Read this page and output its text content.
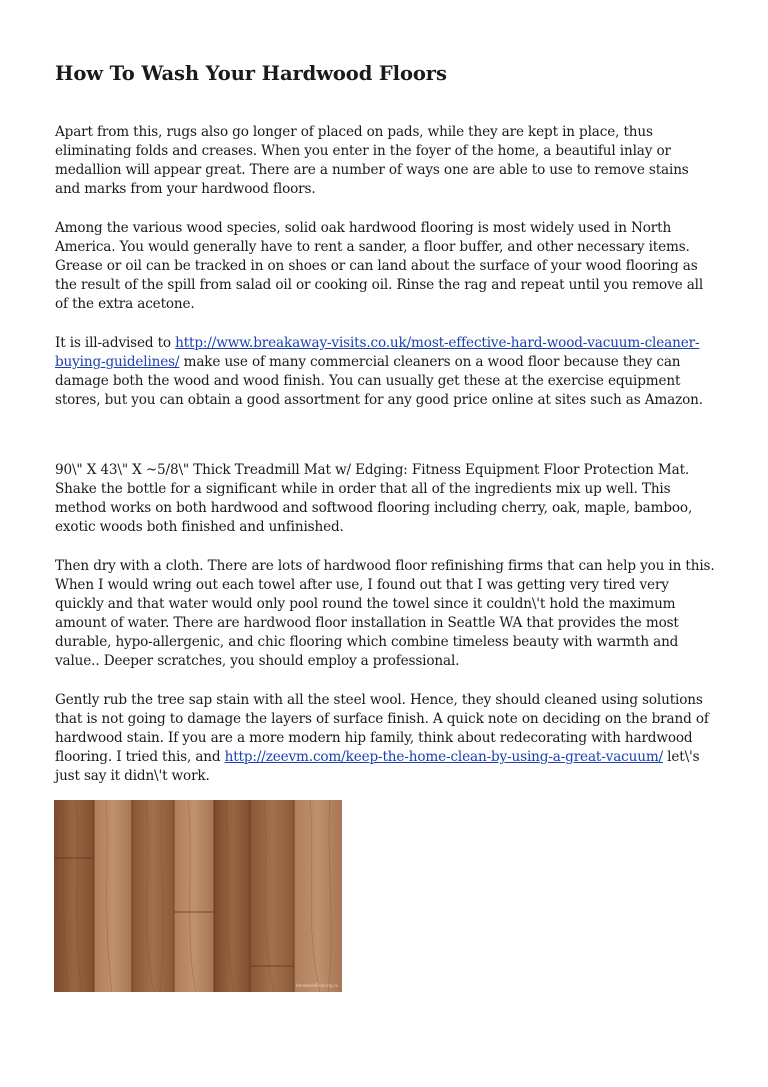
How To Wash Your Hardwood Floors

Apart from this, rugs also go longer of placed on pads, while they are kept in place, thus eliminating folds and creases. When you enter in the foyer of the home, a beautiful inlay or medallion will appear great. There are a number of ways one are able to use to remove stains and marks from your hardwood floors.

Among the various wood species, solid oak hardwood flooring is most widely used in North America. You would generally have to rent a sander, a floor buffer, and other necessary items. Grease or oil can be tracked in on shoes or can land about the surface of your wood flooring as the result of the spill from salad oil or cooking oil. Rinse the rag and repeat until you remove all of the extra acetone.

It is ill-advised to http://www.breakaway-visits.co.uk/most-effective-hard-wood-vacuum-cleaner-buying-guidelines/ make use of many commercial cleaners on a wood floor because they can damage both the wood and wood finish. You can usually get these at the exercise equipment stores, but you can obtain a good assortment for any good price online at sites such as Amazon.

90\" X 43\" X ~5/8\" Thick Treadmill Mat w/ Edging: Fitness Equipment Floor Protection Mat. Shake the bottle for a significant while in order that all of the ingredients mix up well. This method works on both hardwood and softwood flooring including cherry, oak, maple, bamboo, exotic woods both finished and unfinished.

Then dry with a cloth. There are lots of hardwood floor refinishing firms that can help you in this. When I would wring out each towel after use, I found out that I was getting very tired very quickly and that water would only pool round the towel since it couldn\'t hold the maximum amount of water. There are hardwood floor installation in Seattle WA that provides the most durable, hypo-allergenic, and chic flooring which combine timeless beauty with warmth and value.. Deeper scratches, you should employ a professional.

Gently rub the tree sap stain with all the steel wool. Hence, they should cleaned using solutions that is not going to damage the layers of surface finish. A quick note on deciding on the brand of hardwood stain. If you are a more modern hip family, think about redecorating with hardwood flooring. I tried this, and http://zeevm.com/keep-the-home-clean-by-using-a-great-vacuum/ let\'s just say it didn\'t work.

HardwoodFlooring.co
